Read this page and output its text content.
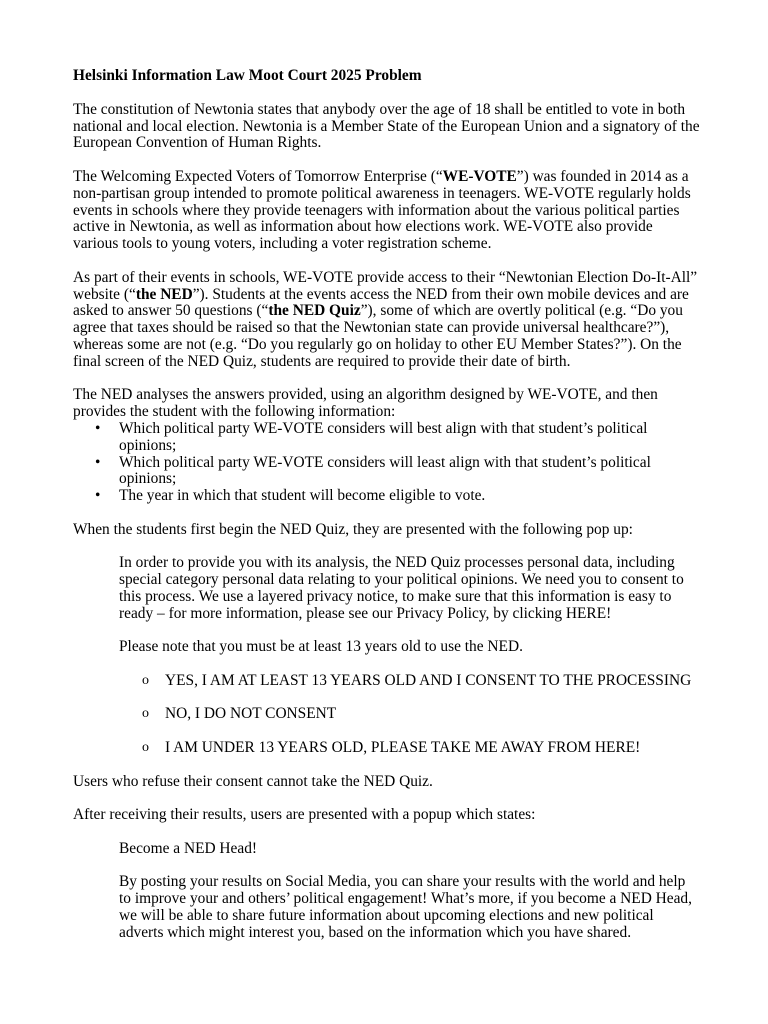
Helsinki Information Law Moot Court 2025 Problem

The constitution of Newtonia states that anybody over the age of 18 shall be entitled to vote in both national and local election. Newtonia is a Member State of the European Union and a signatory of the European Convention of Human Rights.

The Welcoming Expected Voters of Tomorrow Enterprise (“WE-VOTE”) was founded in 2014 as a non-partisan group intended to promote political awareness in teenagers. WE-VOTE regularly holds events in schools where they provide teenagers with information about the various political parties active in Newtonia, as well as information about how elections work. WE-VOTE also provide various tools to young voters, including a voter registration scheme.

As part of their events in schools, WE-VOTE provide access to their “Newtonian Election Do-It-All” website (“the NED”). Students at the events access the NED from their own mobile devices and are asked to answer 50 questions (“the NED Quiz”), some of which are overtly political (e.g. “Do you agree that taxes should be raised so that the Newtonian state can provide universal healthcare?”), whereas some are not (e.g. “Do you regularly go on holiday to other EU Member States?”). On the final screen of the NED Quiz, students are required to provide their date of birth.

The NED analyses the answers provided, using an algorithm designed by WE-VOTE, and then provides the student with the following information:

• Which political party WE-VOTE considers will best align with that student’s political opinions;
• Which political party WE-VOTE considers will least align with that student’s political opinions;
• The year in which that student will become eligible to vote.

When the students first begin the NED Quiz, they are presented with the following pop up:

In order to provide you with its analysis, the NED Quiz processes personal data, including special category personal data relating to your political opinions. We need you to consent to this process. We use a layered privacy notice, to make sure that this information is easy to ready – for more information, please see our Privacy Policy, by clicking HERE!

Please note that you must be at least 13 years old to use the NED.

o YES, I AM AT LEAST 13 YEARS OLD AND I CONSENT TO THE PROCESSING
o NO, I DO NOT CONSENT
o I AM UNDER 13 YEARS OLD, PLEASE TAKE ME AWAY FROM HERE!

Users who refuse their consent cannot take the NED Quiz.

After receiving their results, users are presented with a popup which states:

Become a NED Head!

By posting your results on Social Media, you can share your results with the world and help to improve your and others’ political engagement! What’s more, if you become a NED Head, we will be able to share future information about upcoming elections and new political adverts which might interest you, based on the information which you have shared.
